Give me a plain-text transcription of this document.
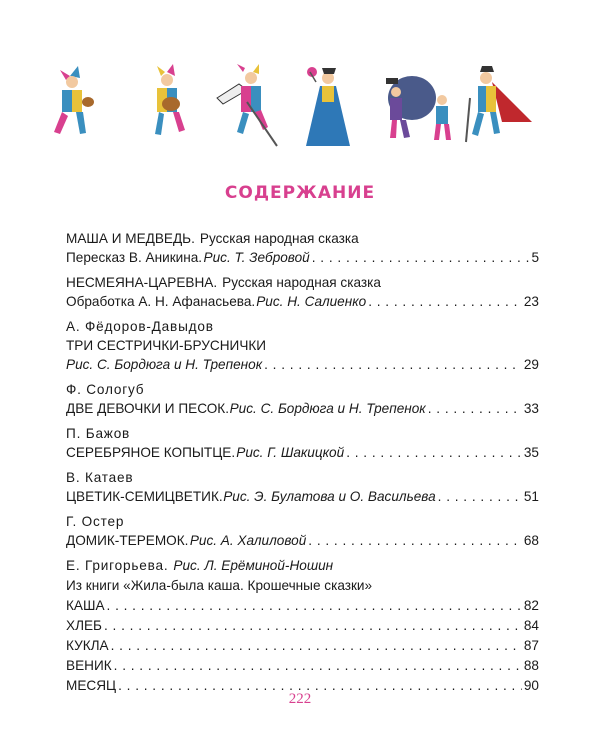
СОДЕРЖАНИЕ
МАША И МЕДВЕДЬ. Русская народная сказка
Пересказ В. Аникина. Рис. Т. Зебровой . . .	5
НЕСМЕЯНА-ЦАРЕВНА. Русская народная сказка
Обработка А. Н. Афанасьева. Рис. Н. Салиенко . . .	23
А. Фёдоров-Давыдов
ТРИ СЕСТРИЧКИ-БРУСНИЧКИ
Рис. С. Бордюга и Н. Трепенок . . .	29
Ф. Сологуб
ДВЕ ДЕВОЧКИ И ПЕСОК. Рис. С. Бордюга и Н. Трепенок . . .	33
П. Бажов
СЕРЕБРЯНОЕ КОПЫТЦЕ. Рис. Г. Шакицкой . . .	35
В. Катаев
ЦВЕТИК-СЕМИЦВЕТИК. Рис. Э. Булатова и О. Васильева . . .	51
Г. Остер
ДОМИК-ТЕРЕМОК. Рис. А. Халиловой . . .	68
Е. Григорьева. Рис. Л. Ерёминой-Ношин
Из книги «Жила-была каша. Крошечные сказки»
КАША . . .	82
ХЛЕБ . . .	84
КУКЛА . . .	87
ВЕНИК . . .	88
МЕСЯЦ . . .	90
222
